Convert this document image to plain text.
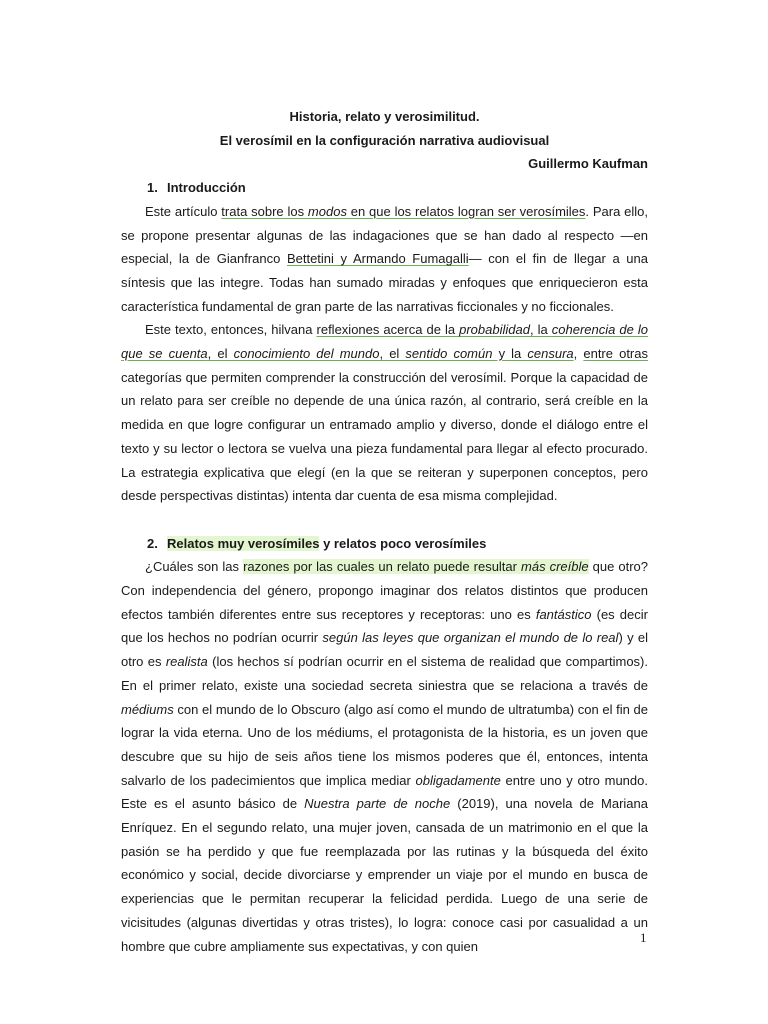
Historia, relato y verosimilitud.
El verosímil en la configuración narrativa audiovisual
Guillermo Kaufman
1. Introducción

Este artículo trata sobre los modos en que los relatos logran ser verosímiles. Para ello, se propone presentar algunas de las indagaciones que se han dado al respecto —en especial, la de Gianfranco Bettetini y Armando Fumagalli— con el fin de llegar a una síntesis que las integre. Todas han sumado miradas y enfoques que enriquecieron esta característica fundamental de gran parte de las narrativas ficcionales y no ficcionales.

Este texto, entonces, hilvana reflexiones acerca de la probabilidad, la coherencia de lo que se cuenta, el conocimiento del mundo, el sentido común y la censura, entre otras categorías que permiten comprender la construcción del verosímil. Porque la capacidad de un relato para ser creíble no depende de una única razón, al contrario, será creíble en la medida en que logre configurar un entramado amplio y diverso, donde el diálogo entre el texto y su lector o lectora se vuelva una pieza fundamental para llegar al efecto procurado. La estrategia explicativa que elegí (en la que se reiteran y superponen conceptos, pero desde perspectivas distintas) intenta dar cuenta de esa misma complejidad.

2. Relatos muy verosímiles y relatos poco verosímiles

¿Cuáles son las razones por las cuales un relato puede resultar más creíble que otro? Con independencia del género, propongo imaginar dos relatos distintos que producen efectos también diferentes entre sus receptores y receptoras: uno es fantástico (es decir que los hechos no podrían ocurrir según las leyes que organizan el mundo de lo real) y el otro es realista (los hechos sí podrían ocurrir en el sistema de realidad que compartimos). En el primer relato, existe una sociedad secreta siniestra que se relaciona a través de médiums con el mundo de lo Obscuro (algo así como el mundo de ultratumba) con el fin de lograr la vida eterna. Uno de los médiums, el protagonista de la historia, es un joven que descubre que su hijo de seis años tiene los mismos poderes que él, entonces, intenta salvarlo de los padecimientos que implica mediar obligadamente entre uno y otro mundo. Este es el asunto básico de Nuestra parte de noche (2019), una novela de Mariana Enríquez. En el segundo relato, una mujer joven, cansada de un matrimonio en el que la pasión se ha perdido y que fue reemplazada por las rutinas y la búsqueda del éxito económico y social, decide divorciarse y emprender un viaje por el mundo en busca de experiencias que le permitan recuperar la felicidad perdida. Luego de una serie de vicisitudes (algunas divertidas y otras tristes), lo logra: conoce casi por casualidad a un hombre que cubre ampliamente sus expectativas, y con quien

1
